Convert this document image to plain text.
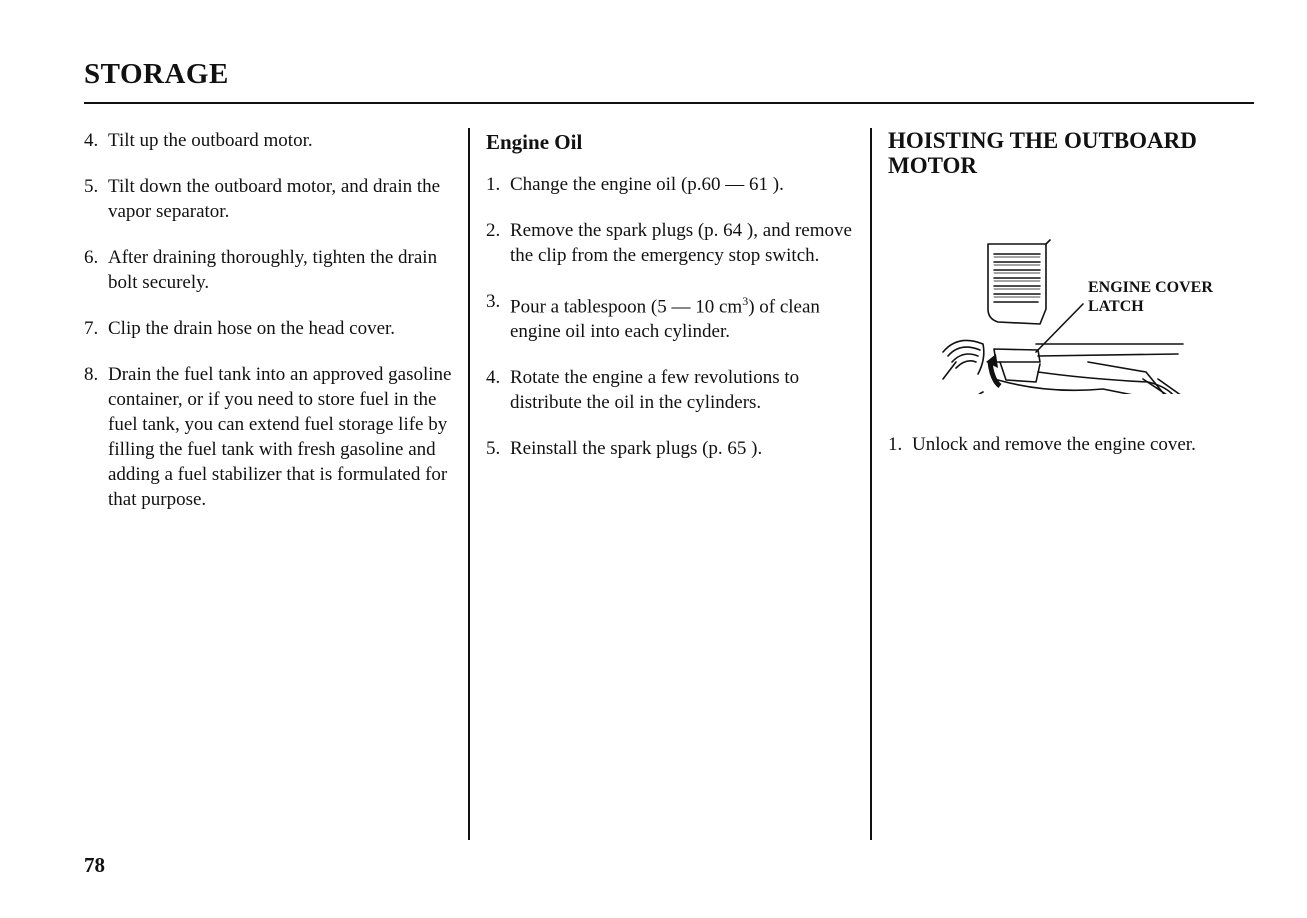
STORAGE
4. Tilt up the outboard motor.
5. Tilt down the outboard motor, and drain the vapor separator.
6. After draining thoroughly, tighten the drain bolt securely.
7. Clip the drain hose on the head cover.
8. Drain the fuel tank into an approved gasoline container, or if you need to store fuel in the fuel tank, you can extend fuel storage life by filling the fuel tank with fresh gasoline and adding a fuel stabilizer that is formulated for that purpose.
Engine Oil
1. Change the engine oil (p.60 — 61 ).
2. Remove the spark plugs (p. 64 ), and remove the clip from the emergency stop switch.
3. Pour a tablespoon (5 — 10 $cm^3$) of clean engine oil into each cylinder.
4. Rotate the engine a few revolutions to distribute the oil in the cylinders.
5. Reinstall the spark plugs (p. 65 ).
HOISTING THE OUTBOARD MOTOR
ENGINE COVER
LATCH
1. Unlock and remove the engine cover.
78
